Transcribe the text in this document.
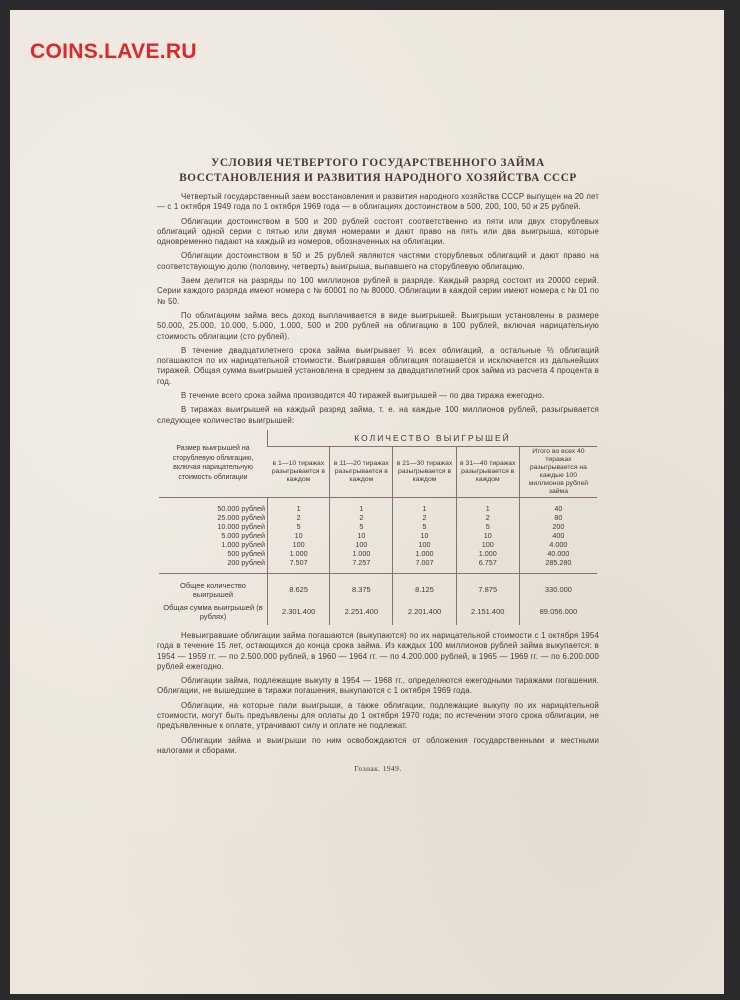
COINS.LAVE.RU

УСЛОВИЯ ЧЕТВЕРТОГО ГОСУДАРСТВЕННОГО ЗАЙМА
ВОССТАНОВЛЕНИЯ И РАЗВИТИЯ НАРОДНОГО ХОЗЯЙСТВА СССР

Четвертый государственный заем восстановления и развития народного хозяйства СССР выпущен на 20 лет — с 1 октября 1949 года по 1 октября 1969 года — в облигациях достоинством в 500, 200, 100, 50 и 25 рублей.

Облигации достоинством в 500 и 200 рублей состоят соответственно из пяти или двух сторублевых облигаций одной серии с пятью или двумя номерами и дают право на пять или два выигрыша, которые одновременно падают на каждый из номеров, обозначенных на облигации.

Облигации достоинством в 50 и 25 рублей являются частями сторублевых облигаций и дают право на соответствующую долю (половину, четверть) выигрыша, выпавшего на сторублевую облигацию.

Заем делится на разряды по 100 миллионов рублей в разряде. Каждый разряд состоит из 20000 серий. Серии каждого разряда имеют номера с № 60001 по № 80000. Облигации в каждой серии имеют номера с № 01 по № 50.

По облигациям займа весь доход выплачивается в виде выигрышей. Выигрыши установлены в размере 50.000, 25.000, 10.000, 5.000, 1.000, 500 и 200 рублей на облигацию в 100 рублей, включая нарицательную стоимость облигации (сто рублей).

В течение двадцатилетнего срока займа выигрывает ⅓ всех облигаций, а остальные ⅔ облигаций погашаются по их нарицательной стоимости. Выигравшая облигация погашается и исключается из дальнейших тиражей. Общая сумма выигрышей установлена в среднем за двадцатилетний срок займа из расчета 4 процента в год.

В течение всего срока займа производится 40 тиражей выигрышей — по два тиража ежегодно.

В тиражах выигрышей на каждый разряд займа, т. е. на каждые 100 миллионов рублей, разыгрывается следующее количество выигрышей:

Размер выигрышей на сторублевую облигацию, включая нарицательную стоимость облигации	КОЛИЧЕСТВО ВЫИГРЫШЕЙ				
	в 1—10 тиражах разыгрывается в каждом	в 11—20 тиражах разыгрывается в каждом	в 21—30 тиражах разыгрывается в каждом	в 31—40 тиражах разыгрывается в каждом	Итого во всех 40 тиражах разыгрывается на каждые 100 миллионов рублей займа
50.000 рублей	1	1	1	1	40
25.000 рублей	2	2	2	2	80
10.000 рублей	5	5	5	5	200
5.000 рублей	10	10	10	10	400
1.000 рублей	100	100	100	100	4.000
500 рублей	1.000	1.000	1.000	1.000	40.000
200 рублей	7.507	7.257	7.007	6.757	285.280
Общее количество выигрышей	8.625	8.375	8.125	7.875	330.000
Общая сумма выигрышей (в рублях)	2.301.400	2.251.400	2.201.400	2.151.400	89.056.000

Невыигравшие облигации займа погашаются (выкупаются) по их нарицательной стоимости с 1 октября 1954 года в течение 15 лет, остающихся до конца срока займа. Из каждых 100 миллионов рублей займа выкупается: в 1954 — 1959 гг. — по 2.500.000 рублей, в 1960 — 1964 гг. — по 4.200.000 рублей, в 1965 — 1969 гг. — по 6.200.000 рублей ежегодно.

Облигации займа, подлежащие выкупу в 1954 — 1968 гг., определяются ежегодными тиражами погашения. Облигации, не вышедшие в тиражи погашения, выкупаются с 1 октября 1969 года.

Облигации, на которые пали выигрыши, а также облигации, подлежащие выкупу по их нарицательной стоимости, могут быть предъявлены для оплаты до 1 октября 1970 года; по истечении этого срока облигации, не предъявленные к оплате, утрачивают силу и оплате не подлежат.

Облигации займа и выигрыши по ним освобождаются от обложения государственными и местными налогами и сборами.

Гознак. 1949.
